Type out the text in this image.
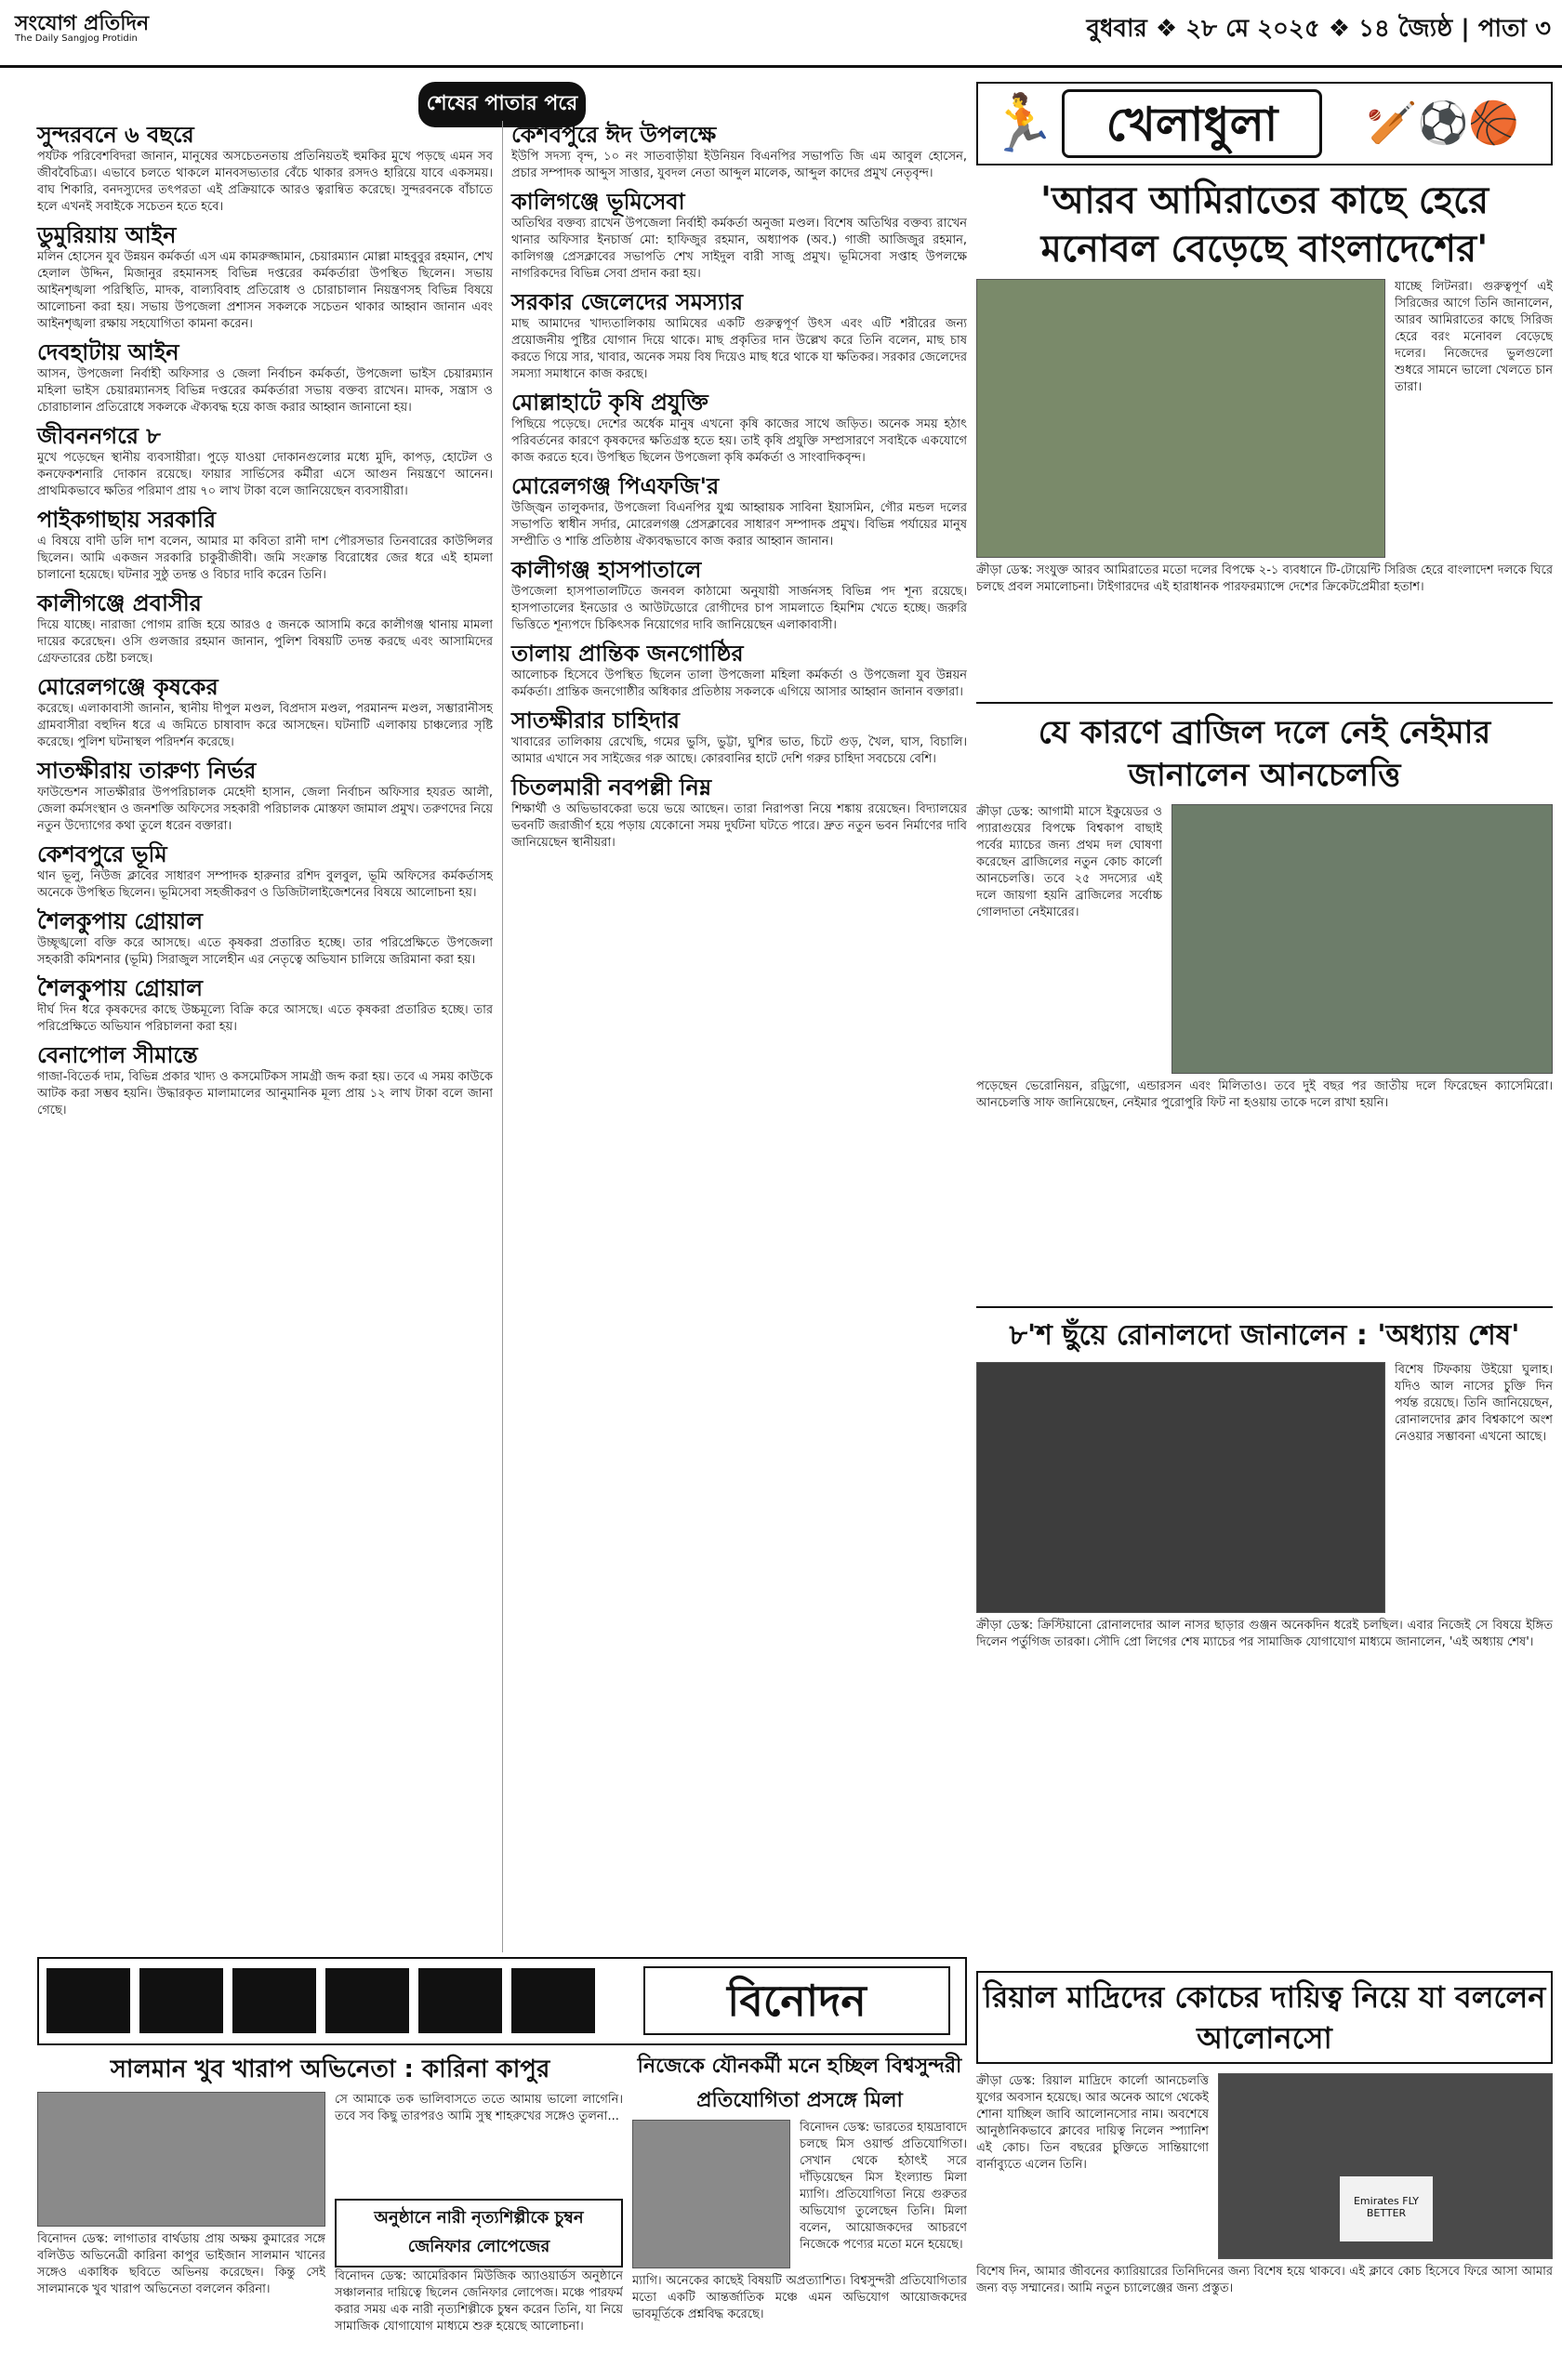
সংযোগ প্রতিদিন
The Daily Sangjog Protidin	বুধবার ❖ ২৮ মে ২০২৫ ❖ ১৪ জ্যৈষ্ঠ | পাতা ৩
শেষের পাতার পরে
সুন্দরবনে ৬ বছরে
পর্যটক পরিবেশবিদরা জানান, মানুষের অসচেতনতায় প্রতিনিয়তই হুমকির মুখে পড়ছে এমন সব জীববৈচিত্র্য। এভাবে চলতে থাকলে মানবসভ্যতার বেঁচে থাকার রসদও হারিয়ে যাবে একসময়। বাঘ শিকারি, বনদস্যুদের তৎপরতা এই প্রক্রিয়াকে আরও ত্বরান্বিত করেছে। সুন্দরবনকে বাঁচাতে হলে এখনই সবাইকে সচেতন হতে হবে।
ডুমুরিয়ায় আইন
মলিন হোসেন যুব উন্নয়ন কর্মকর্তা এস এম কামরুজ্জামান, চেয়ারম্যান মোল্লা মাহবুবুর রহমান, শেখ হেলাল উদ্দিন, মিজানুর রহমানসহ বিভিন্ন দপ্তরের কর্মকর্তারা উপস্থিত ছিলেন। সভায় আইনশৃঙ্খলা পরিস্থিতি, মাদক, বাল্যবিবাহ প্রতিরোধ ও চোরাচালান নিয়ন্ত্রণসহ বিভিন্ন বিষয়ে আলোচনা করা হয়। সভায় উপজেলা প্রশাসন সকলকে সচেতন থাকার আহ্বান জানান এবং আইনশৃঙ্খলা রক্ষায় সহযোগিতা কামনা করেন।
দেবহাটায় আইন
আসন, উপজেলা নির্বাহী অফিসার ও জেলা নির্বাচন কর্মকর্তা, উপজেলা ভাইস চেয়ারম্যান মহিলা ভাইস চেয়ারম্যানসহ বিভিন্ন দপ্তরের কর্মকর্তারা সভায় বক্তব্য রাখেন। মাদক, সন্ত্রাস ও চোরাচালান প্রতিরোধে সকলকে ঐক্যবদ্ধ হয়ে কাজ করার আহ্বান জানানো হয়।
জীবননগরে ৮
মুখে পড়েছেন স্থানীয় ব্যবসায়ীরা। পুড়ে যাওয়া দোকানগুলোর মধ্যে মুদি, কাপড়, হোটেল ও কনফেকশনারি দোকান রয়েছে। ফায়ার সার্ভিসের কর্মীরা এসে আগুন নিয়ন্ত্রণে আনেন। প্রাথমিকভাবে ক্ষতির পরিমাণ প্রায় ৭০ লাখ টাকা বলে জানিয়েছেন ব্যবসায়ীরা।
পাইকগাছায় সরকারি
এ বিষয়ে বাদী ডলি দাশ বলেন, আমার মা কবিতা রানী দাশ পৌরসভার তিনবারের কাউন্সিলর ছিলেন। আমি একজন সরকারি চাকুরীজীবী। জমি সংক্রান্ত বিরোধের জের ধরে এই হামলা চালানো হয়েছে। ঘটনার সুষ্ঠু তদন্ত ও বিচার দাবি করেন তিনি।
কালীগঞ্জে প্রবাসীর
দিয়ে যাচ্ছে। নারাজা পোগম রাজি হয়ে আরও ৫ জনকে আসামি করে কালীগঞ্জ থানায় মামলা দায়ের করেছেন। ওসি গুলজার রহমান জানান, পুলিশ বিষয়টি তদন্ত করছে এবং আসামিদের গ্রেফতারের চেষ্টা চলছে।
মোরেলগঞ্জে কৃষকের
করেছে। এলাকাবাসী জানান, স্থানীয় দীপুল মণ্ডল, বিপ্রদাস মণ্ডল, পরমানন্দ মণ্ডল, সম্ভারানীসহ গ্রামবাসীরা বহুদিন ধরে এ জমিতে চাষাবাদ করে আসছেন। ঘটনাটি এলাকায় চাঞ্চল্যের সৃষ্টি করেছে। পুলিশ ঘটনাস্থল পরিদর্শন করেছে।
সাতক্ষীরায় তারুণ্য নির্ভর
ফাউন্ডেশন সাতক্ষীরার উপপরিচালক মেহেদী হাসান, জেলা নির্বাচন অফিসার হযরত আলী, জেলা কর্মসংস্থান ও জনশক্তি অফিসের সহকারী পরিচালক মোস্তফা জামাল প্রমুখ। তরুণদের নিয়ে নতুন উদ্যোগের কথা তুলে ধরেন বক্তারা।
কেশবপুরে ভূমি
থান ভূলু, নিউজ ক্লাবের সাধারণ সম্পাদক হারুনার রশিদ বুলবুল, ভূমি অফিসের কর্মকর্তাসহ অনেকে উপস্থিত ছিলেন। ভূমিসেবা সহজীকরণ ও ডিজিটালাইজেশনের বিষয়ে আলোচনা হয়।
শৈলকুপায় গ্রোয়াল
উচ্ছৃঙ্খলো বক্তি করে আসছে। এতে কৃষকরা প্রতারিত হচ্ছে। তার পরিপ্রেক্ষিতে উপজেলা সহকারী কমিশনার (ভূমি) সিরাজুল সালেহীন এর নেতৃত্বে অভিযান চালিয়ে জরিমানা করা হয়।
শৈলকুপায় গ্রোয়াল
দীর্ঘ দিন ধরে কৃষকদের কাছে উচ্চমূল্যে বিক্রি করে আসছে। এতে কৃষকরা প্রতারিত হচ্ছে। তার পরিপ্রেক্ষিতে অভিযান পরিচালনা করা হয়।
বেনাপোল সীমান্তে
গাজা-বিতের্ক দাম, বিভিন্ন প্রকার খাদ্য ও কসমেটিকস সামগ্রী জব্দ করা হয়। তবে এ সময় কাউকে আটক করা সম্ভব হয়নি। উদ্ধারকৃত মালামালের আনুমানিক মূল্য প্রায় ১২ লাখ টাকা বলে জানা গেছে।
কেশবপুরে ঈদ উপলক্ষে
ইউপি সদস্য বৃন্দ, ১০ নং সাতবাড়ীয়া ইউনিয়ন বিএনপির সভাপতি জি এম আবুল হোসেন, প্রচার সম্পাদক আব্দুস সাত্তার, যুবদল নেতা আব্দুল মালেক, আব্দুল কাদের প্রমুখ নেতৃবৃন্দ।
কালিগঞ্জে ভূমিসেবা
অতিথির বক্তব্য রাখেন উপজেলা নির্বাহী কর্মকর্তা অনুজা মণ্ডল। বিশেষ অতিথির বক্তব্য রাখেন থানার অফিসার ইনচার্জ মো: হাফিজুর রহমান, অধ্যাপক (অব.) গাজী আজিজুর রহমান, কালিগঞ্জ প্রেসক্লাবের সভাপতি শেখ সাইদুল বারী সাজু প্রমুখ। ভূমিসেবা সপ্তাহ উপলক্ষে নাগরিকদের বিভিন্ন সেবা প্রদান করা হয়।
সরকার জেলেদের সমস্যার
মাছ আমাদের খাদ্যতালিকায় আমিষের একটি গুরুত্বপূর্ণ উৎস এবং এটি শরীরের জন্য প্রয়োজনীয় পুষ্টির যোগান দিয়ে থাকে। মাছ প্রকৃতির দান উল্লেখ করে তিনি বলেন, মাছ চাষ করতে গিয়ে সার, খাবার, অনেক সময় বিষ দিয়েও মাছ ধরে থাকে যা ক্ষতিকর। সরকার জেলেদের সমস্যা সমাধানে কাজ করছে।
মোল্লাহাটে কৃষি প্রযুক্তি
পিছিয়ে পড়েছে। দেশের অর্ধেক মানুষ এখনো কৃষি কাজের সাথে জড়িত। অনেক সময় হঠাৎ পরিবর্তনের কারণে কৃষকদের ক্ষতিগ্রস্ত হতে হয়। তাই কৃষি প্রযুক্তি সম্প্রসারণে সবাইকে একযোগে কাজ করতে হবে। উপস্থিত ছিলেন উপজেলা কৃষি কর্মকর্তা ও সাংবাদিকবৃন্দ।
মোরেলগঞ্জ পিএফজি'র
উজ্জ্বিন তালুকদার, উপজেলা বিএনপির যুগ্ম আহ্বায়ক সাবিনা ইয়াসমিন, গৌর মন্ডল দলের সভাপতি স্বাধীন সর্দার, মোরেলগঞ্জ প্রেসক্লাবের সাধারণ সম্পাদক প্রমুখ। বিভিন্ন পর্যায়ের মানুষ সম্প্রীতি ও শান্তি প্রতিষ্ঠায় ঐক্যবদ্ধভাবে কাজ করার আহ্বান জানান।
কালীগঞ্জ হাসপাতালে
উপজেলা হাসপাতালটিতে জনবল কাঠামো অনুযায়ী সার্জনসহ বিভিন্ন পদ শূন্য রয়েছে। হাসপাতালের ইনডোর ও আউটডোরে রোগীদের চাপ সামলাতে হিমশিম খেতে হচ্ছে। জরুরি ভিত্তিতে শূন্যপদে চিকিৎসক নিয়োগের দাবি জানিয়েছেন এলাকাবাসী।
তালায় প্রান্তিক জনগোষ্ঠির
আলোচক হিসেবে উপস্থিত ছিলেন তালা উপজেলা মহিলা কর্মকর্তা ও উপজেলা যুব উন্নয়ন কর্মকর্তা। প্রান্তিক জনগোষ্ঠীর অধিকার প্রতিষ্ঠায় সকলকে এগিয়ে আসার আহ্বান জানান বক্তারা।
সাতক্ষীরার চাহিদার
খাবারের তালিকায় রেখেছি, গমের ভুসি, ভুট্টা, ঘুশির ভাত, চিটে গুড়, খৈল, ঘাস, বিচালি। আমার এখানে সব সাইজের গরু আছে। কোরবানির হাটে দেশি গরুর চাহিদা সবচেয়ে বেশি।
চিতলমারী নবপল্লী নিম্ন
শিক্ষার্থী ও অভিভাবকেরা ভয়ে ভয়ে আছেন। তারা নিরাপত্তা নিয়ে শঙ্কায় রয়েছেন। বিদ্যালয়ের ভবনটি জরাজীর্ণ হয়ে পড়ায় যেকোনো সময় দুর্ঘটনা ঘটতে পারে। দ্রুত নতুন ভবন নির্মাণের দাবি জানিয়েছেন স্থানীয়রা।
বিনোদন
সালমান খুব খারাপ অভিনেতা : কারিনা কাপুর
সে আমাকে তক ভালিবাসতে ততে আমায় ভালো লাগেনি। তবে সব কিছু তারপরও আমি সুস্থ শাহরুখের সঙ্গেও তুলনা...
অনুষ্ঠানে নারী নৃত্যশিল্পীকে চুম্বন জেনিফার লোপেজের
বিনোদন ডেস্ক: লাগাতার বার্থডায় প্রায় অক্ষয় কুমারের সঙ্গে বলিউড অভিনেত্রী কারিনা কাপুর ভাইজান সালমান খানের সঙ্গেও একাধিক ছবিতে অভিনয় করেছেন। কিন্তু সেই সালমানকে খুব খারাপ অভিনেতা বললেন করিনা।
বিনোদন ডেস্ক: আমেরিকান মিউজিক অ্যাওয়ার্ডস অনুষ্ঠানে সঞ্চালনার দায়িত্বে ছিলেন জেনিফার লোপেজ। মঞ্চে পারফর্ম করার সময় এক নারী নৃত্যশিল্পীকে চুম্বন করেন তিনি, যা নিয়ে সামাজিক যোগাযোগ মাধ্যমে শুরু হয়েছে আলোচনা।
নিজেকে যৌনকর্মী মনে হচ্ছিল বিশ্বসুন্দরী প্রতিযোগিতা প্রসঙ্গে মিলা
বিনোদন ডেস্ক: ভারতের হায়দ্রাবাদে চলছে মিস ওয়ার্ল্ড প্রতিযোগিতা। সেখান থেকে হঠাৎই সরে দাঁড়িয়েছেন মিস ইংল্যান্ড মিলা ম্যাগি। প্রতিযোগিতা নিয়ে গুরুতর অভিযোগ তুলেছেন তিনি। মিলা বলেন, আয়োজকদের আচরণে নিজেকে পণ্যের মতো মনে হয়েছে।
ম্যাগি। অনেকের কাছেই বিষয়টি অপ্রত্যাশিত। বিশ্বসুন্দরী প্রতিযোগিতার মতো একটি আন্তর্জাতিক মঞ্চে এমন অভিযোগ আয়োজকদের ভাবমূর্তিকে প্রশ্নবিদ্ধ করেছে।
🏃	খেলাধুলা	🏏⚽🏀
'আরব আমিরাতের কাছে হেরে মনোবল বেড়েছে বাংলাদেশের'
যাচ্ছে লিটনরা। গুরুত্বপূর্ণ এই সিরিজের আগে তিনি জানালেন, আরব আমিরাতের কাছে সিরিজ হেরে বরং মনোবল বেড়েছে দলের। নিজেদের ভুলগুলো শুধরে সামনে ভালো খেলতে চান তারা।
ক্রীড়া ডেস্ক: সংযুক্ত আরব আমিরাতের মতো দলের বিপক্ষে ২-১ ব্যবধানে টি-টোয়েন্টি সিরিজ হেরে বাংলাদেশ দলকে ঘিরে চলছে প্রবল সমালোচনা। টাইগারদের এই হারাধানক পারফরম্যান্সে দেশের ক্রিকেটপ্রেমীরা হতাশ।
যে কারণে ব্রাজিল দলে নেই নেইমার জানালেন আনচেলত্তি
ক্রীড়া ডেস্ক: আগামী মাসে ইকুয়েডর ও প্যারাগুয়ের বিপক্ষে বিশ্বকাপ বাছাই পর্বের ম্যাচের জন্য প্রথম দল ঘোষণা করেছেন ব্রাজিলের নতুন কোচ কার্লো আনচেলত্তি। তবে ২৫ সদস্যের এই দলে জায়গা হয়নি ব্রাজিলের সর্বোচ্চ গোলদাতা নেইমারের।
পড়েছেন ভেরোনিয়ন, রড্রিগো, এন্ডারসন এবং মিলিতাও। তবে দুই বছর পর জাতীয় দলে ফিরেছেন ক্যাসেমিরো। আনচেলত্তি সাফ জানিয়েছেন, নেইমার পুরোপুরি ফিট না হওয়ায় তাকে দলে রাখা হয়নি।
৮'শ ছুঁয়ে রোনালদো জানালেন : 'অধ্যায় শেষ'
বিশেষ টিফকায় উইয়ো ঘুলাহ। যদিও আল নাসের চুক্তি দিন পর্যন্ত রয়েছে। তিনি জানিয়েছেন, রোনালদোর ক্লাব বিশ্বকাপে অংশ নেওয়ার সম্ভাবনা এখনো আছে।
ক্রীড়া ডেস্ক: ক্রিস্টিয়ানো রোনালদোর আল নাসর ছাড়ার গুঞ্জন অনেকদিন ধরেই চলছিল। এবার নিজেই সে বিষয়ে ইঙ্গিত দিলেন পর্তুগিজ তারকা। সৌদি প্রো লিগের শেষ ম্যাচের পর সামাজিক যোগাযোগ মাধ্যমে জানালেন, 'এই অধ্যায় শেষ'।
রিয়াল মাদ্রিদের কোচের দায়িত্ব নিয়ে যা বললেন আলোনসো
ক্রীড়া ডেস্ক: রিয়াল মাদ্রিদে কার্লো আনচেলত্তি যুগের অবসান হয়েছে। আর অনেক আগে থেকেই শোনা যাচ্ছিল জাবি আলোনসোর নাম। অবশেষে আনুষ্ঠানিকভাবে ক্লাবের দায়িত্ব নিলেন স্প্যানিশ এই কোচ। তিন বছরের চুক্তিতে সান্তিয়াগো বার্নাব্যুতে এলেন তিনি।
Emirates FLY BETTER
বিশেষ দিন, আমার জীবনের ক্যারিয়ারের তিনিদিনের জন্য বিশেষ হয়ে থাকবে। এই ক্লাবে কোচ হিসেবে ফিরে আসা আমার জন্য বড় সম্মানের। আমি নতুন চ্যালেঞ্জের জন্য প্রস্তুত।
